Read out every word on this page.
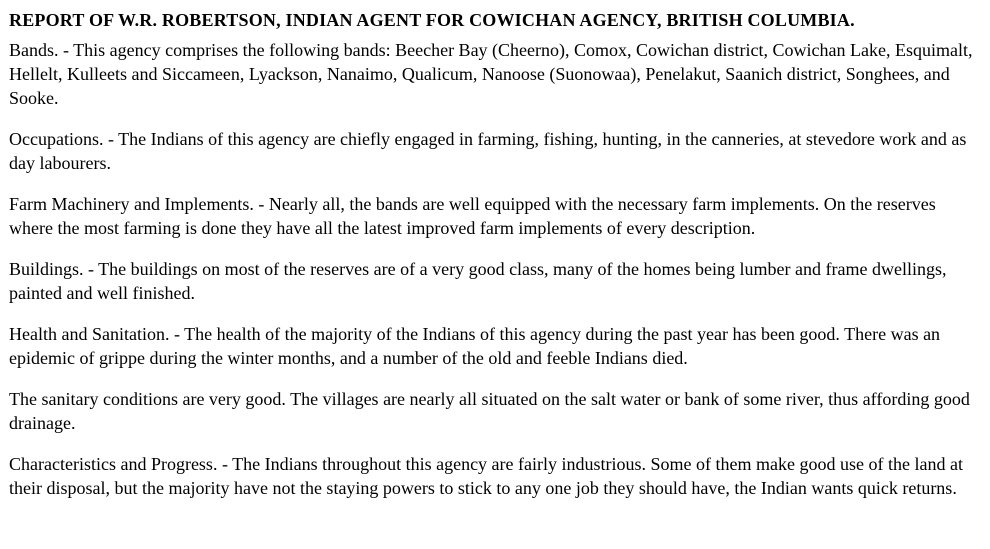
REPORT OF W.R. ROBERTSON, INDIAN AGENT FOR COWICHAN AGENCY, BRITISH COLUMBIA.

Bands. - This agency comprises the following bands: Beecher Bay (Cheerno), Comox, Cowichan district, Cowichan Lake, Esquimalt, Hellelt, Kulleets and Siccameen, Lyackson, Nanaimo, Qualicum, Nanoose (Suonowaa), Penelakut, Saanich district, Songhees, and Sooke.

Occupations. - The Indians of this agency are chiefly engaged in farming, fishing, hunting, in the canneries, at stevedore work and as day labourers.

Farm Machinery and Implements. - Nearly all, the bands are well equipped with the necessary farm implements. On the reserves where the most farming is done they have all the latest improved farm implements of every description.

Buildings. - The buildings on most of the reserves are of a very good class, many of the homes being lumber and frame dwellings, painted and well finished.

Health and Sanitation. - The health of the majority of the Indians of this agency during the past year has been good. There was an epidemic of grippe during the winter months, and a number of the old and feeble Indians died.

The sanitary conditions are very good. The villages are nearly all situated on the salt water or bank of some river, thus affording good drainage.

Characteristics and Progress. - The Indians throughout this agency are fairly industrious. Some of them make good use of the land at their disposal, but the majority have not the staying powers to stick to any one job they should have, the Indian wants quick returns.
